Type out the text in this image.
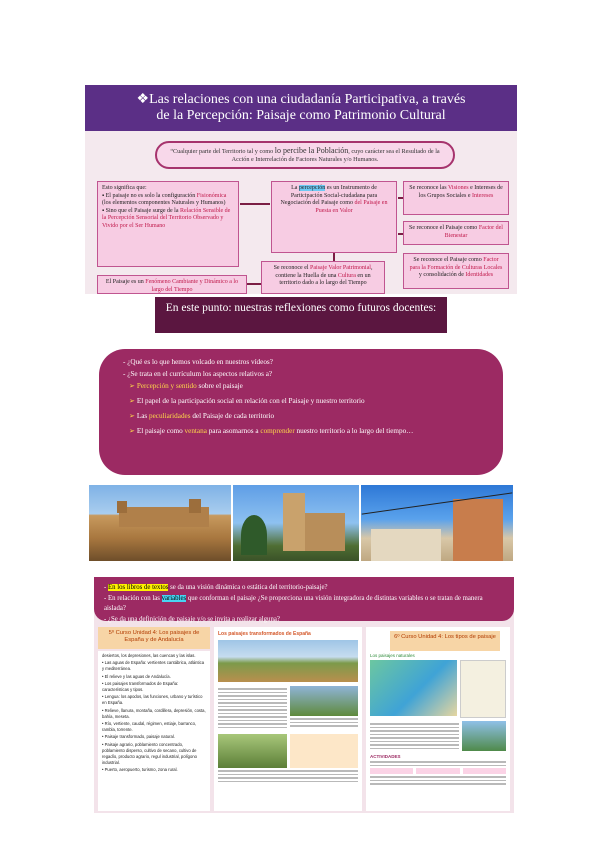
❖Las relaciones con una ciudadanía Participativa, a través
de la Percepción: Paisaje como Patrimonio Cultural
“Cualquier parte del Territorio tal y como lo percibe la Población, cuyo carácter sea el Resultado de la Acción e Interrelación de Factores Naturales y/o Humanos.
Esto significa que:
▪ El paisaje no es solo la configuración Fisionómica (los elementos componentes Naturales y Humanos)
▪ Sino que el Paisaje surge de la Relación Sensible de la Percepción Sensorial del Territorio Observado y Vivido por el Ser Humano
La percepción es un Instrumento de Participación Social-ciudadana para Negociación del Paisaje como del Paisaje en Puesta en Valor
Se reconoce las Visiones e Intereses de los Grupos Sociales e Intereses
Se reconoce el Paisaje como Factor del Bienestar
Se reconoce el Paisaje como Factor para la Formación de Culturas Locales y consolidación de Identidades
Se reconoce el Paisaje Valor Patrimonial, contiene la Huella de una Cultura en un territorio dado a lo largo del Tiempo
El Paisaje es un Fenómeno Cambiante y Dinámico a lo largo del Tiempo
En este punto: nuestras reflexiones como futuros docentes:
- ¿Qué es lo que hemos volcado en nuestros vídeos?
- ¿Se trata en el currículum los aspectos relativos a?
➢ Percepción y sentido sobre el paisaje
➢ El papel de la participación social en relación con el Paisaje y nuestro territorio
➢ Las peculiaridades del Paisaje de cada territorio
➢ El paisaje como ventana para asomarnos a comprender nuestro territorio a lo largo del tiempo…
- En los libros de textos se da una visión dinámica o estática del territorio-paisaje?
- En relación con las variables que conforman el paisaje ¿Se proporciona una visión integradora de distintas variables o se tratan de manera aislada?
- ¿Se da una definición de paisaje y/o se invita a realizar alguna?
5º Curso Unidad 4: Los paisajes de España y de Andalucía
desiertos, los depresiones, las cuencas y las islas.
• Las aguas de España: vertientes cantábrica, atlántica y mediterránea.
• El relieve y las aguas de Andalucía.
• Los paisajes transformados de España: características y tipos.
• Lengua: los apodos, las funciones, urbano y turístico en España.
• Relieve, llanura, montaña, cordillera, depresión, costa, bahía, meseta.
• Río, vertiente, caudal, régimen, estiaje, barranco, rambla, torrente.
• Paisaje transformado, paisaje natural.
• Paisaje agrario, poblamiento concentrado, poblamiento disperso, cultivo de secano, cultivo de regadío, producto agrario, regul industrial, polígono industrial.
• Puerto, aeropuerto, turismo, zona rural.
Los paisajes transformados de España	6º Curso Unidad 4: Los tipos de paisaje
Los paisajes naturales
ACTIVIDADES
